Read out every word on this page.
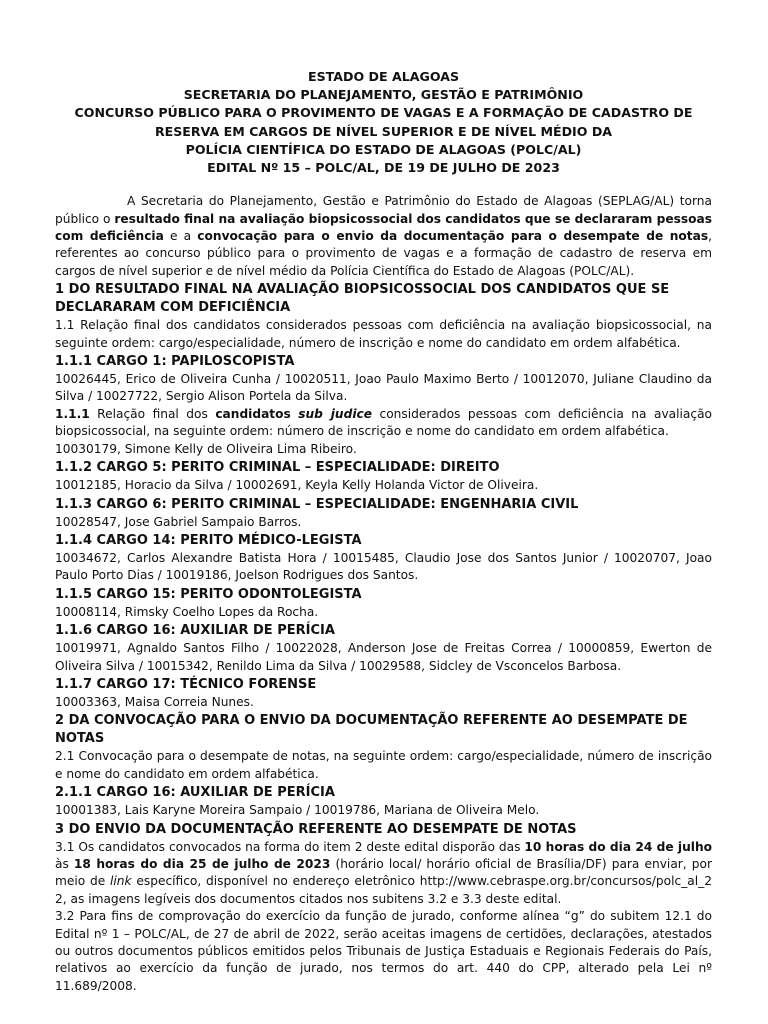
ESTADO DE ALAGOAS
SECRETARIA DO PLANEJAMENTO, GESTÃO E PATRIMÔNIO
CONCURSO PÚBLICO PARA O PROVIMENTO DE VAGAS E A FORMAÇÃO DE CADASTRO DE RESERVA EM CARGOS DE NÍVEL SUPERIOR E DE NÍVEL MÉDIO DA
POLÍCIA CIENTÍFICA DO ESTADO DE ALAGOAS (POLC/AL)
EDITAL Nº 15 – POLC/AL, DE 19 DE JULHO DE 2023

A Secretaria do Planejamento, Gestão e Patrimônio do Estado de Alagoas (SEPLAG/AL) torna público o resultado final na avaliação biopsicossocial dos candidatos que se declararam pessoas com deficiência e a convocação para o envio da documentação para o desempate de notas, referentes ao concurso público para o provimento de vagas e a formação de cadastro de reserva em cargos de nível superior e de nível médio da Polícia Científica do Estado de Alagoas (POLC/AL).

1 DO RESULTADO FINAL NA AVALIAÇÃO BIOPSICOSSOCIAL DOS CANDIDATOS QUE SE DECLARARAM COM DEFICIÊNCIA

1.1 Relação final dos candidatos considerados pessoas com deficiência na avaliação biopsicossocial, na seguinte ordem: cargo/especialidade, número de inscrição e nome do candidato em ordem alfabética.

1.1.1 CARGO 1: PAPILOSCOPISTA

10026445, Erico de Oliveira Cunha / 10020511, Joao Paulo Maximo Berto / 10012070, Juliane Claudino da Silva / 10027722, Sergio Alison Portela da Silva.

1.1.1 Relação final dos candidatos sub judice considerados pessoas com deficiência na avaliação biopsicossocial, na seguinte ordem: número de inscrição e nome do candidato em ordem alfabética.

10030179, Simone Kelly de Oliveira Lima Ribeiro.

1.1.2 CARGO 5: PERITO CRIMINAL – ESPECIALIDADE: DIREITO

10012185, Horacio da Silva / 10002691, Keyla Kelly Holanda Victor de Oliveira.

1.1.3 CARGO 6: PERITO CRIMINAL – ESPECIALIDADE: ENGENHARIA CIVIL

10028547, Jose Gabriel Sampaio Barros.

1.1.4 CARGO 14: PERITO MÉDICO-LEGISTA

10034672, Carlos Alexandre Batista Hora / 10015485, Claudio Jose dos Santos Junior / 10020707, Joao Paulo Porto Dias / 10019186, Joelson Rodrigues dos Santos.

1.1.5 CARGO 15: PERITO ODONTOLEGISTA

10008114, Rimsky Coelho Lopes da Rocha.

1.1.6 CARGO 16: AUXILIAR DE PERÍCIA

10019971, Agnaldo Santos Filho / 10022028, Anderson Jose de Freitas Correa / 10000859, Ewerton de Oliveira Silva / 10015342, Renildo Lima da Silva / 10029588, Sidcley de Vsconcelos Barbosa.

1.1.7 CARGO 17: TÉCNICO FORENSE

10003363, Maisa Correia Nunes.

2 DA CONVOCAÇÃO PARA O ENVIO DA DOCUMENTAÇÃO REFERENTE AO DESEMPATE DE NOTAS

2.1 Convocação para o desempate de notas, na seguinte ordem: cargo/especialidade, número de inscrição e nome do candidato em ordem alfabética.

2.1.1 CARGO 16: AUXILIAR DE PERÍCIA

10001383, Lais Karyne Moreira Sampaio / 10019786, Mariana de Oliveira Melo.

3 DO ENVIO DA DOCUMENTAÇÃO REFERENTE AO DESEMPATE DE NOTAS

3.1 Os candidatos convocados na forma do item 2 deste edital disporão das 10 horas do dia 24 de julho às 18 horas do dia 25 de julho de 2023 (horário local/ horário oficial de Brasília/DF) para enviar, por meio de link específico, disponível no endereço eletrônico http://www.cebraspe.org.br/concursos/polc_al_22, as imagens legíveis dos documentos citados nos subitens 3.2 e 3.3 deste edital.

3.2 Para fins de comprovação do exercício da função de jurado, conforme alínea “g” do subitem 12.1 do Edital nº 1 – POLC/AL, de 27 de abril de 2022, serão aceitas imagens de certidões, declarações, atestados ou outros documentos públicos emitidos pelos Tribunais de Justiça Estaduais e Regionais Federais do País, relativos ao exercício da função de jurado, nos termos do art. 440 do CPP, alterado pela Lei nº 11.689/2008.
